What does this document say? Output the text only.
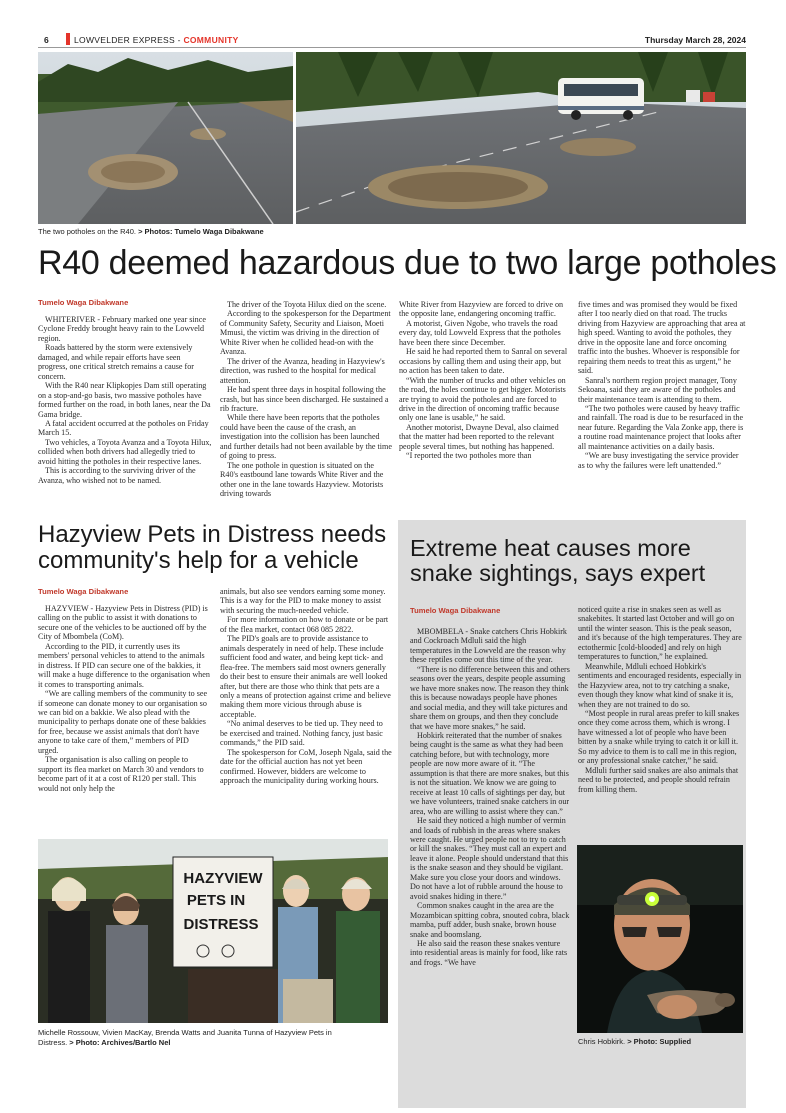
6	LOWVELDER EXPRESS - COMMUNITY	Thursday March 28, 2024
The two potholes on the R40. > Photos: Tumelo Waga Dibakwane
R40 deemed hazardous due to two large potholes
Tumelo Waga Dibakwane

WHITERIVER - February marked one year since Cyclone Freddy brought heavy rain to the Lowveld region.

Roads battered by the storm were extensively damaged, and while repair efforts have seen progress, one critical stretch remains a cause for concern.

With the R40 near Klipkopjes Dam still operating on a stop-and-go basis, two massive potholes have formed further on the road, in both lanes, near the Da Gama bridge.

A fatal accident occurred at the potholes on Friday March 15.

Two vehicles, a Toyota Avanza and a Toyota Hilux, collided when both drivers had allegedly tried to avoid hitting the potholes in their respective lanes.

This is according to the surviving driver of the Avanza, who wished not to be named.

The driver of the Toyota Hilux died on the scene.

According to the spokesperson for the Department of Community Safety, Security and Liaison, Moeti Mmusi, the victim was driving in the direction of White River when he collided head-on with the Avanza.

The driver of the Avanza, heading in Hazyview's direction, was rushed to the hospital for medical attention.

He had spent three days in hospital following the crash, but has since been discharged. He sustained a rib fracture.

While there have been reports that the potholes could have been the cause of the crash, an investigation into the collision has been launched and further details had not been available by the time of going to press.

The one pothole in question is situated on the R40's eastbound lane towards White River and the other one in the lane towards Hazyview. Motorists driving towards

White River from Hazyview are forced to drive on the opposite lane, endangering oncoming traffic.

A motorist, Given Ngobe, who travels the road every day, told Lowveld Express that the potholes have been there since December.

He said he had reported them to Sanral on several occasions by calling them and using their app, but no action has been taken to date.

“With the number of trucks and other vehicles on the road, the holes continue to get bigger. Motorists are trying to avoid the potholes and are forced to drive in the direction of oncoming traffic because only one lane is usable,” he said.

Another motorist, Dwayne Deval, also claimed that the matter had been reported to the relevant people several times, but nothing has happened.

“I reported the two potholes more than

five times and was promised they would be fixed after I too nearly died on that road. The trucks driving from Hazyview are approaching that area at high speed. Wanting to avoid the potholes, they drive in the opposite lane and force oncoming traffic into the bushes. Whoever is responsible for repairing them needs to treat this as urgent,” he said.

Sanral's northern region project manager, Tony Sekoana, said they are aware of the potholes and their maintenance team is attending to them.

“The two potholes were caused by heavy traffic and rainfall. The road is due to be resurfaced in the near future. Regarding the Vala Zonke app, there is a routine road maintenance project that looks after all maintenance activities on a daily basis.

“We are busy investigating the service provider as to why the failures were left unattended.”

Hazyview Pets in Distress needs community's help for a vehicle
Tumelo Waga Dibakwane

HAZYVIEW - Hazyview Pets in Distress (PID) is calling on the public to assist it with donations to secure one of the vehicles to be auctioned off by the City of Mbombela (CoM).

According to the PID, it currently uses its members' personal vehicles to attend to the animals in distress. If PID can secure one of the bakkies, it will make a huge difference to the organisation when it comes to transporting animals.

“We are calling members of the community to see if someone can donate money to our organisation so we can bid on a bakkie. We also plead with the municipality to perhaps donate one of these bakkies for free, because we assist animals that don't have anyone to take care of them,” members of PID urged.

The organisation is also calling on people to support its flea market on March 30 and vendors to become part of it at a cost of R120 per stall. This would not only help the

animals, but also see vendors earning some money. This is a way for the PID to make money to assist with securing the much-needed vehicle.

For more information on how to donate or be part of the flea market, contact 068 085 2822.

The PID's goals are to provide assistance to animals desperately in need of help. These include sufficient food and water, and being kept tick- and flea-free. The members said most owners generally do their best to ensure their animals are well looked after, but there are those who think that pets are a only a means of protection against crime and believe making them more vicious through abuse is acceptable.

“No animal deserves to be tied up. They need to be exercised and trained. Nothing fancy, just basic commands,” the PID said.

The spokesperson for CoM, Joseph Ngala, said the date for the official auction has not yet been confirmed. However, bidders are welcome to approach the municipality during working hours.

HAZYVIEW
PETS IN
DISTRESS
Michelle Rossouw, Vivien MacKay, Brenda Watts and Juanita Tunna of Hazyview Pets in
Distress. > Photo: Archives/Bartlo Nel
Extreme heat causes more snake sightings, says expert
Tumelo Waga Dibakwane

MBOMBELA - Snake catchers Chris Hobkirk and Cockroach Mdluli said the high temperatures in the Lowveld are the reason why these reptiles come out this time of the year.

“There is no difference between this and others seasons over the years, despite people assuming we have more snakes now. The reason they think this is because nowadays people have phones and social media, and they will take pictures and share them on groups, and then they conclude that we have more snakes,” he said.

Hobkirk reiterated that the number of snakes being caught is the same as what they had been catching before, but with technology, more people are now more aware of it. “The assumption is that there are more snakes, but this is not the situation. We know we are going to receive at least 10 calls of sightings per day, but we have volunteers, trained snake catchers in our area, who are willing to assist where they can.”

He said they noticed a high number of vermin and loads of rubbish in the areas where snakes were caught. He urged people not to try to catch or kill the snakes. “They must call an expert and leave it alone. People should understand that this is the snake season and they should be vigilant. Make sure you close your doors and windows. Do not have a lot of rubble around the house to avoid snakes hiding in there.”

Common snakes caught in the area are the Mozambican spitting cobra, snouted cobra, black mamba, puff adder, bush snake, brown house snake and boomslang.

He also said the reason these snakes venture into residential areas is mainly for food, like rats and frogs. “We have

noticed quite a rise in snakes seen as well as snakebites. It started last October and will go on until the winter season. This is the peak season, and it's because of the high temperatures. They are ectothermic [cold-blooded] and rely on high temperatures to function,” he explained.

Meanwhile, Mdluli echoed Hobkirk's sentiments and encouraged residents, especially in the Hazyview area, not to try catching a snake, even though they know what kind of snake it is, when they are not trained to do so.

“Most people in rural areas prefer to kill snakes once they come across them, which is wrong. I have witnessed a lot of people who have been bitten by a snake while trying to catch it or kill it. So my advice to them is to call me in this region, or any professional snake catcher,” he said.

Mdluli further said snakes are also animals that need to be protected, and people should refrain from killing them.

Chris Hobkirk. > Photo: Supplied
